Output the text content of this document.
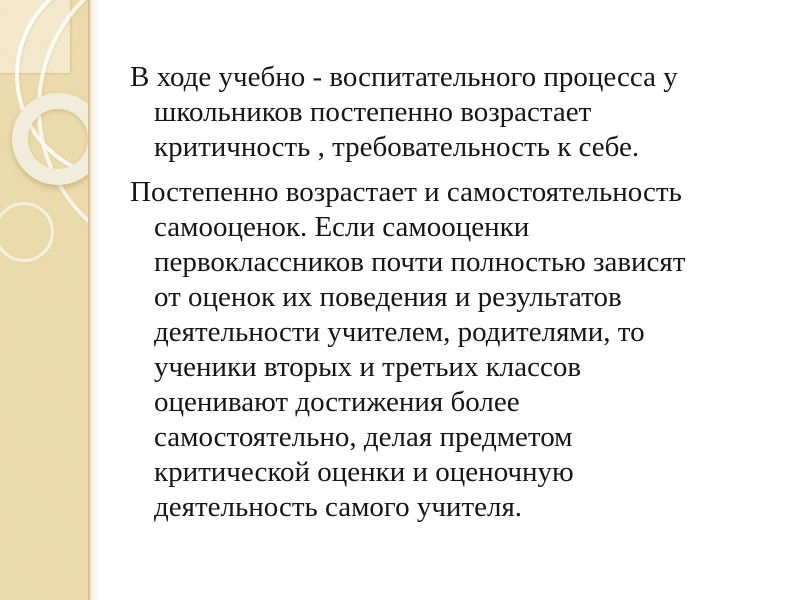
В ходе учебно - воспитательного процесса у
школьников постепенно возрастает
критичность , требовательность к себе.
Постепенно возрастает и самостоятельность
самооценок. Если самооценки
первоклассников почти полностью зависят
от оценок их поведения и результатов
деятельности учителем, родителями, то
ученики вторых и третьих классов
оценивают достижения более
самостоятельно, делая предметом
критической оценки и оценочную
деятельность самого учителя.
